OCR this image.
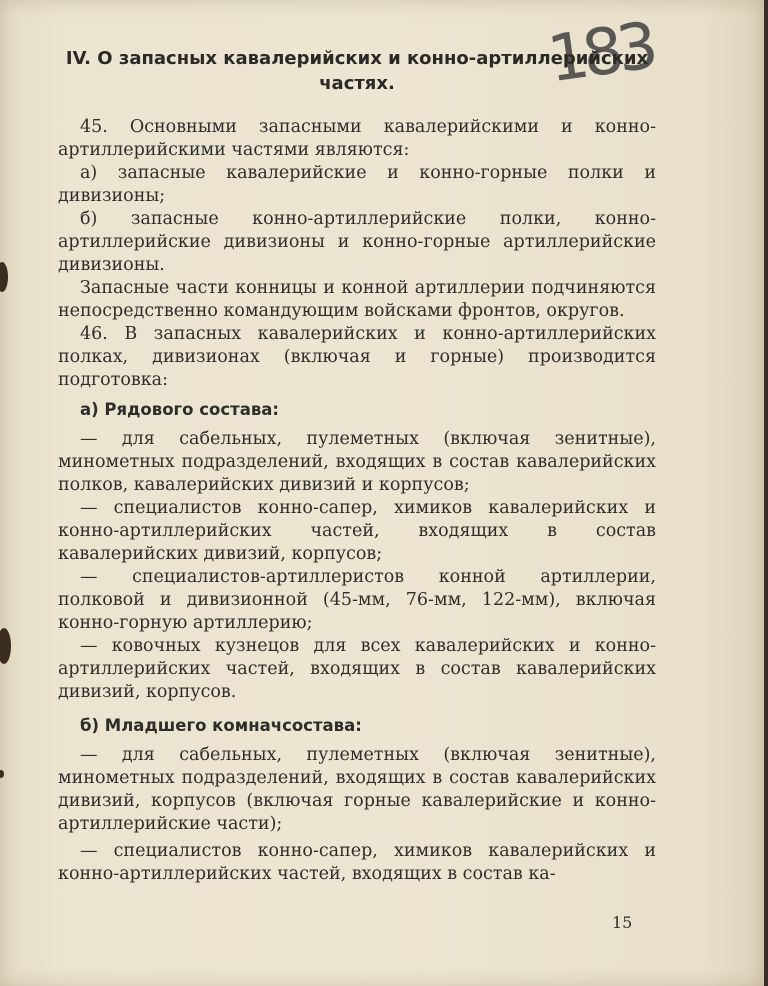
183
IV. О запасных кавалерийских и конно-артиллерийских частях.

45. Основными запасными кавалерийскими и конно-артиллерийскими частями являются:

а) запасные кавалерийские и конно-горные полки и дивизионы;

б) запасные конно-артиллерийские полки, конно-артиллерийские дивизионы и конно-горные артиллерийские дивизионы.

Запасные части конницы и конной артиллерии подчиняются непосредственно командующим войсками фронтов, округов.

46. В запасных кавалерийских и конно-артиллерийских полках, дивизионах (включая и горные) производится подготовка:

а) Рядового состава:

— для сабельных, пулеметных (включая зенитные), минометных подразделений, входящих в состав кавалерийских полков, кавалерийских дивизий и корпусов;

— специалистов конно-сапер, химиков кавалерийских и конно-артиллерийских частей, входящих в состав кавалерийских дивизий, корпусов;

— специалистов-артиллеристов конной артиллерии, полковой и дивизионной (45-мм, 76-мм, 122-мм), включая конно-горную артиллерию;

— ковочных кузнецов для всех кавалерийских и конно-артиллерийских частей, входящих в состав кавалерийских дивизий, корпусов.

б) Младшего комначсостава:

— для сабельных, пулеметных (включая зенитные), минометных подразделений, входящих в состав кавалерийских дивизий, корпусов (включая горные кавалерийские и конно-артиллерийские части);

— специалистов конно-сапер, химиков кавалерийских и конно-артиллерийских частей, входящих в состав ка-

15
